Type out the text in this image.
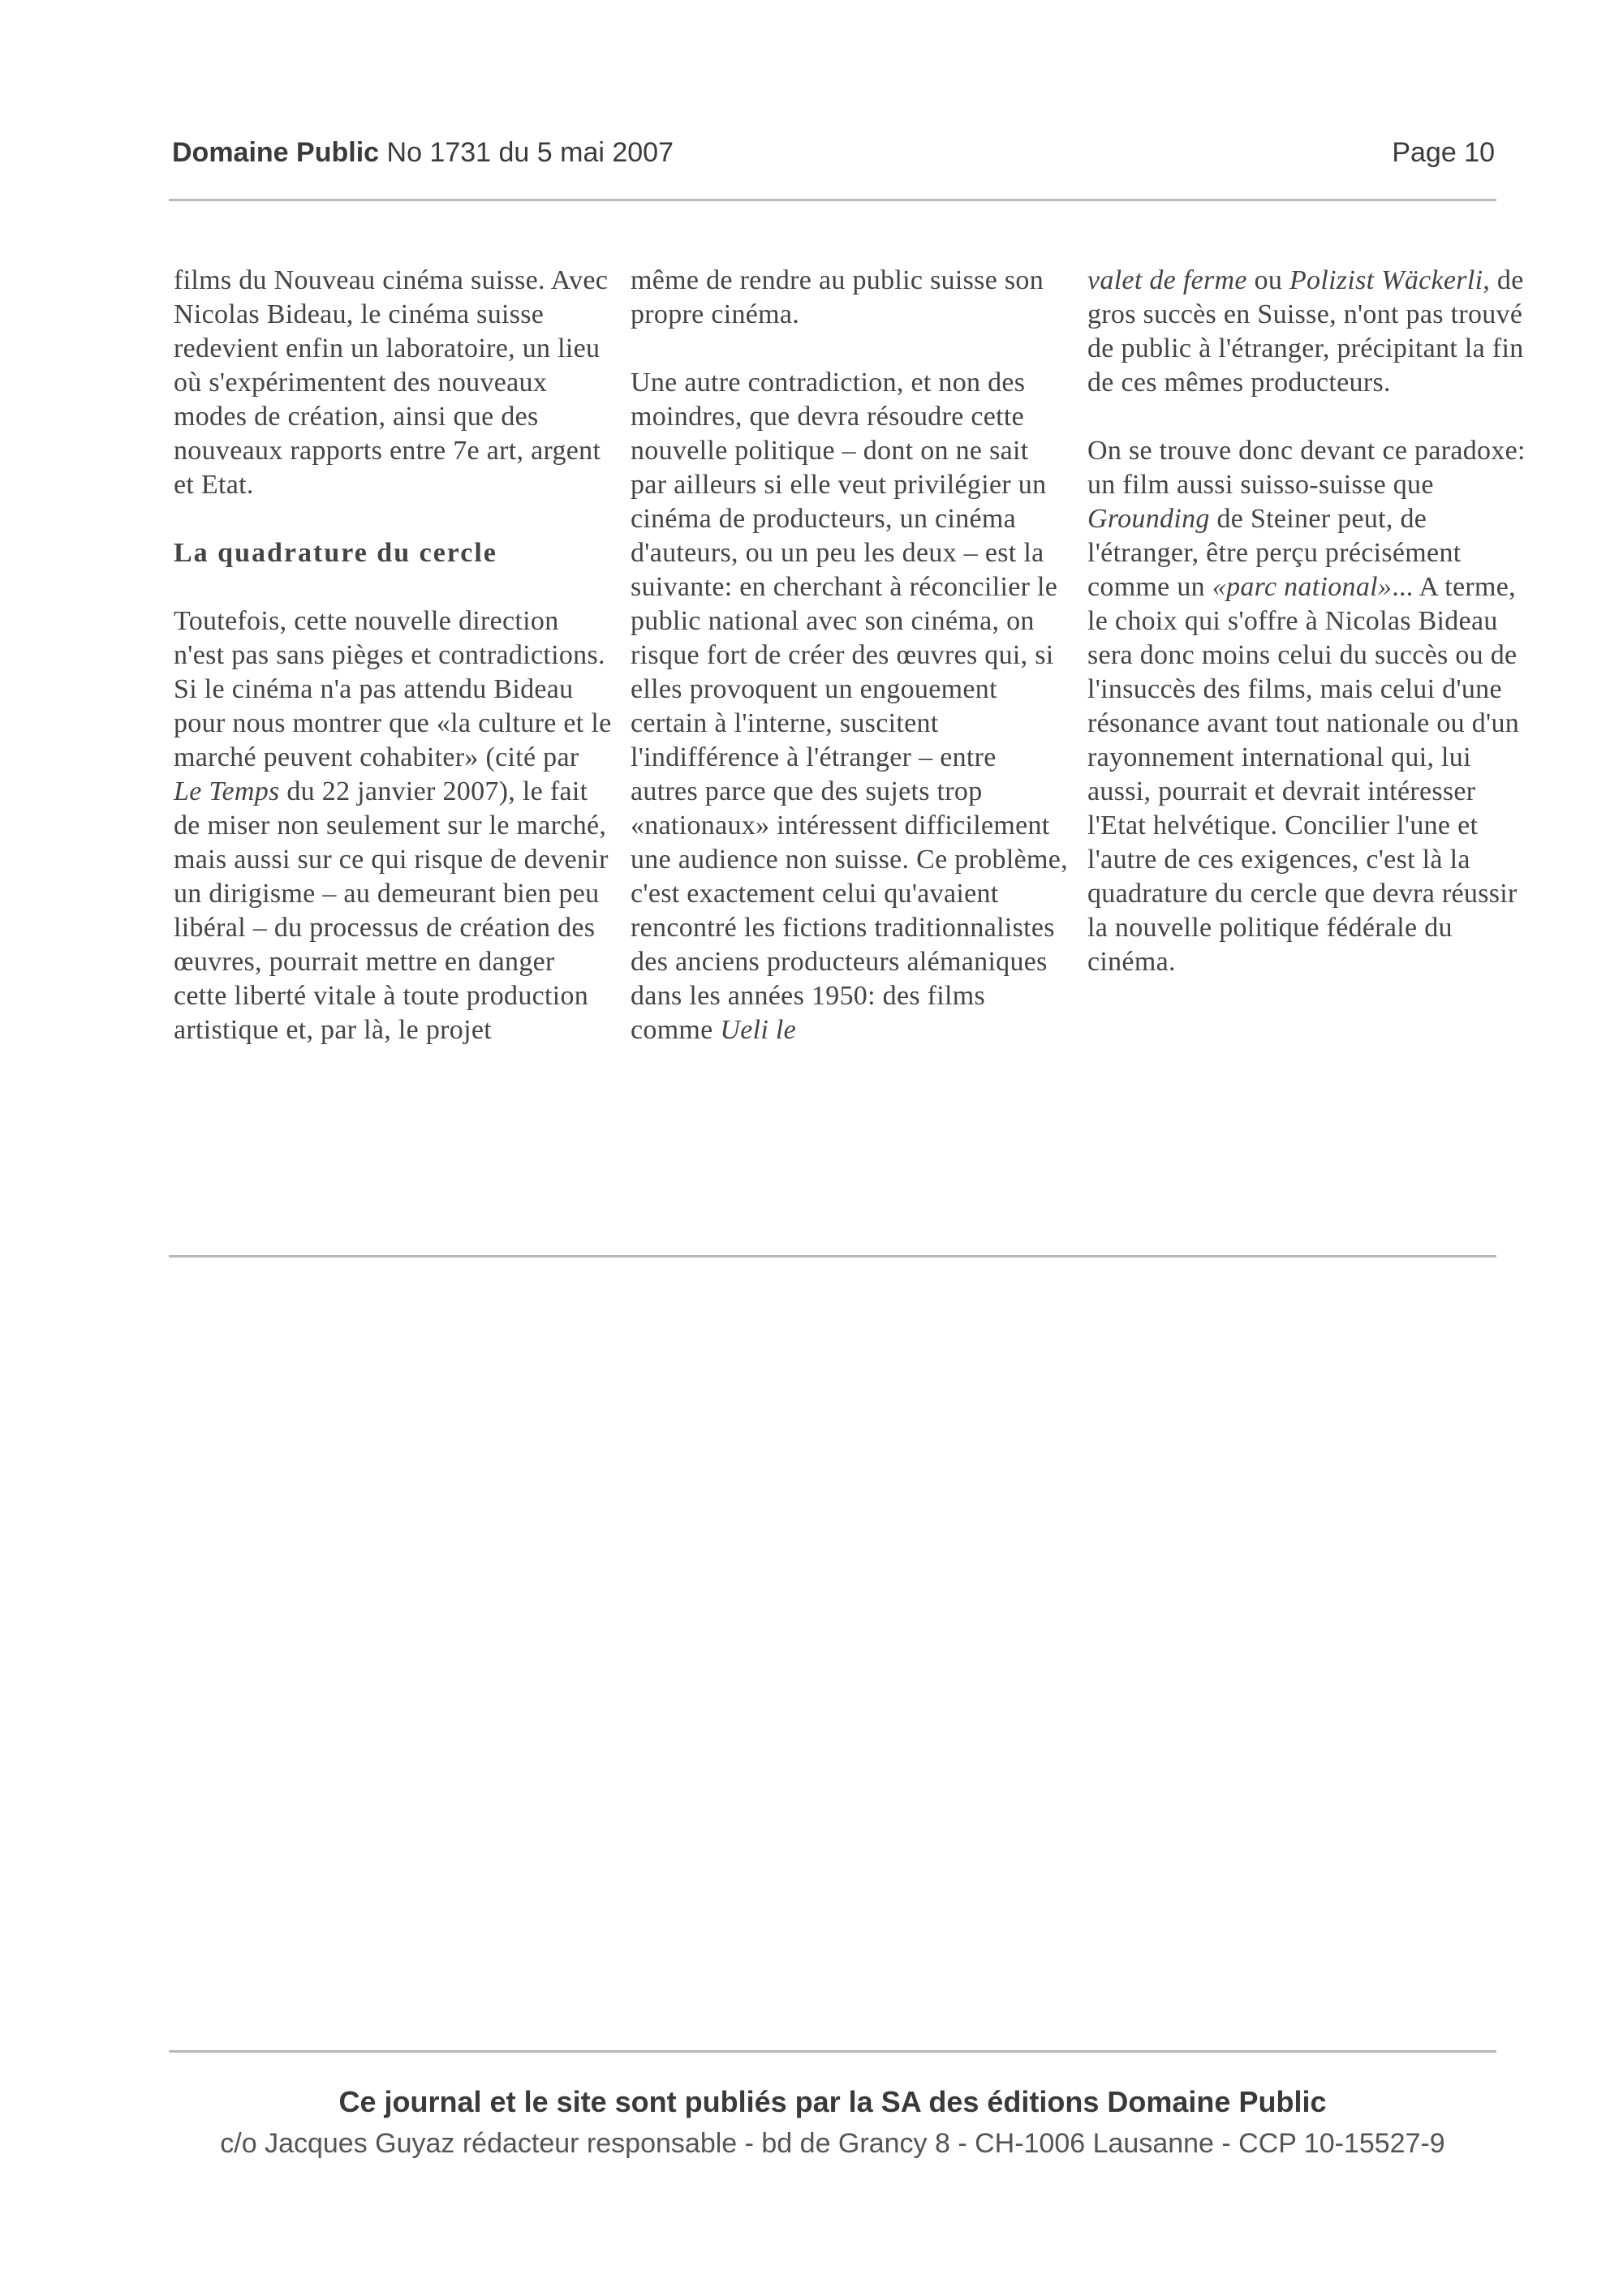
Domaine Public No 1731 du 5 mai 2007	Page 10

films du Nouveau cinéma suisse. Avec Nicolas Bideau, le cinéma suisse redevient enfin un laboratoire, un lieu où s'expérimentent des nouveaux modes de création, ainsi que des nouveaux rapports entre 7e art, argent et Etat.

La quadrature du cercle

Toutefois, cette nouvelle direction n'est pas sans pièges et contradictions. Si le cinéma n'a pas attendu Bideau pour nous montrer que «la culture et le marché peuvent cohabiter» (cité par Le Temps du 22 janvier 2007), le fait de miser non seulement sur le marché, mais aussi sur ce qui risque de devenir un dirigisme – au demeurant bien peu libéral – du processus de création des œuvres, pourrait mettre en danger cette liberté vitale à toute production artistique et, par là, le projet

même de rendre au public suisse son propre cinéma.

Une autre contradiction, et non des moindres, que devra résoudre cette nouvelle politique – dont on ne sait par ailleurs si elle veut privilégier un cinéma de producteurs, un cinéma d'auteurs, ou un peu les deux – est la suivante: en cherchant à réconcilier le public national avec son cinéma, on risque fort de créer des œuvres qui, si elles provoquent un engouement certain à l'interne, suscitent l'indifférence à l'étranger – entre autres parce que des sujets trop «nationaux» intéressent difficilement une audience non suisse. Ce problème, c'est exactement celui qu'avaient rencontré les fictions traditionnalistes des anciens producteurs alémaniques dans les années 1950: des films comme Ueli le

valet de ferme ou Polizist Wäckerli, de gros succès en Suisse, n'ont pas trouvé de public à l'étranger, précipitant la fin de ces mêmes producteurs.

On se trouve donc devant ce paradoxe: un film aussi suisso-suisse que Grounding de Steiner peut, de l'étranger, être perçu précisément comme un «parc national»... A terme, le choix qui s'offre à Nicolas Bideau sera donc moins celui du succès ou de l'insuccès des films, mais celui d'une résonance avant tout nationale ou d'un rayonnement international qui, lui aussi, pourrait et devrait intéresser l'Etat helvétique. Concilier l'une et l'autre de ces exigences, c'est là la quadrature du cercle que devra réussir la nouvelle politique fédérale du cinéma.

Ce journal et le site sont publiés par la SA des éditions Domaine Public
c/o Jacques Guyaz rédacteur responsable - bd de Grancy 8 - CH-1006 Lausanne - CCP 10-15527-9
